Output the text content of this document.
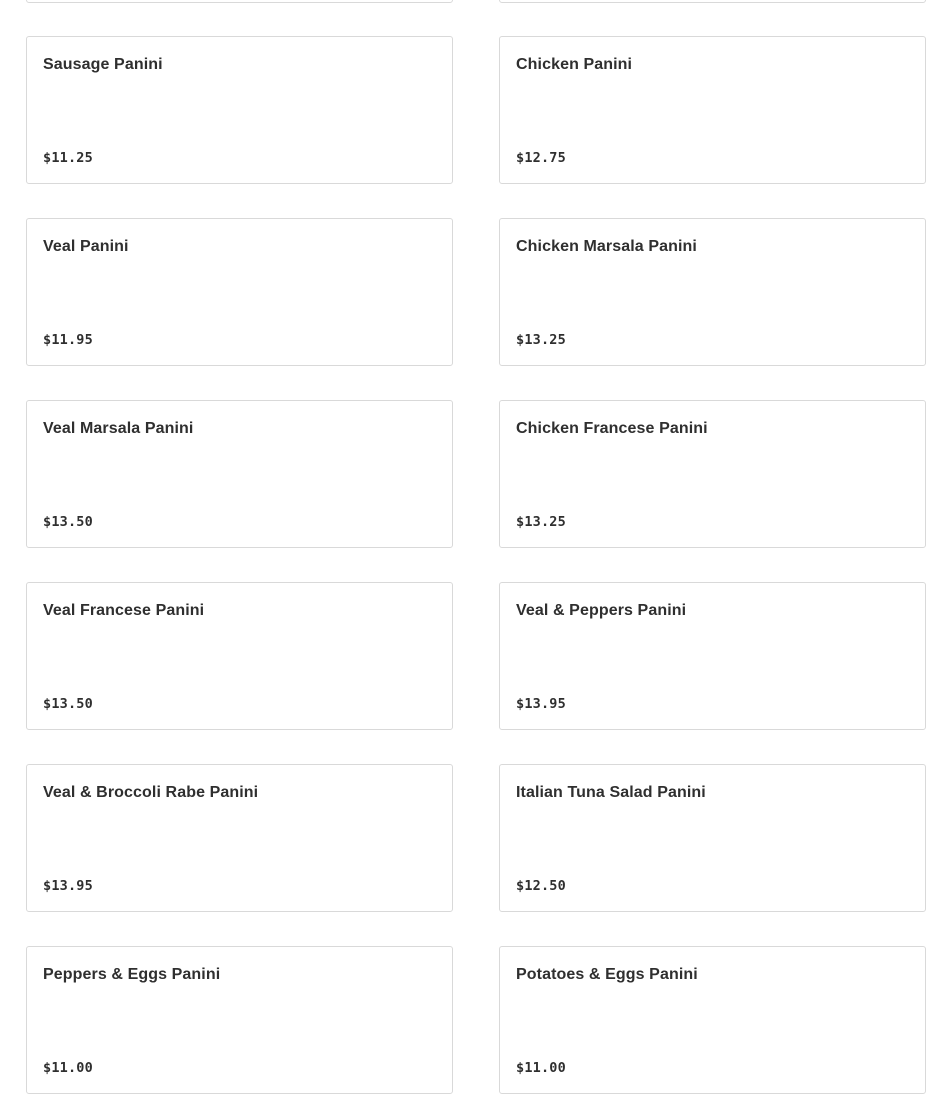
Sausage Panini
$11.25
Chicken Panini
$12.75
Veal Panini
$11.95
Chicken Marsala Panini
$13.25
Veal Marsala Panini
$13.50
Chicken Francese Panini
$13.25
Veal Francese Panini
$13.50
Veal & Peppers Panini
$13.95
Veal & Broccoli Rabe Panini
$13.95
Italian Tuna Salad Panini
$12.50
Peppers & Eggs Panini
$11.00
Potatoes & Eggs Panini
$11.00
